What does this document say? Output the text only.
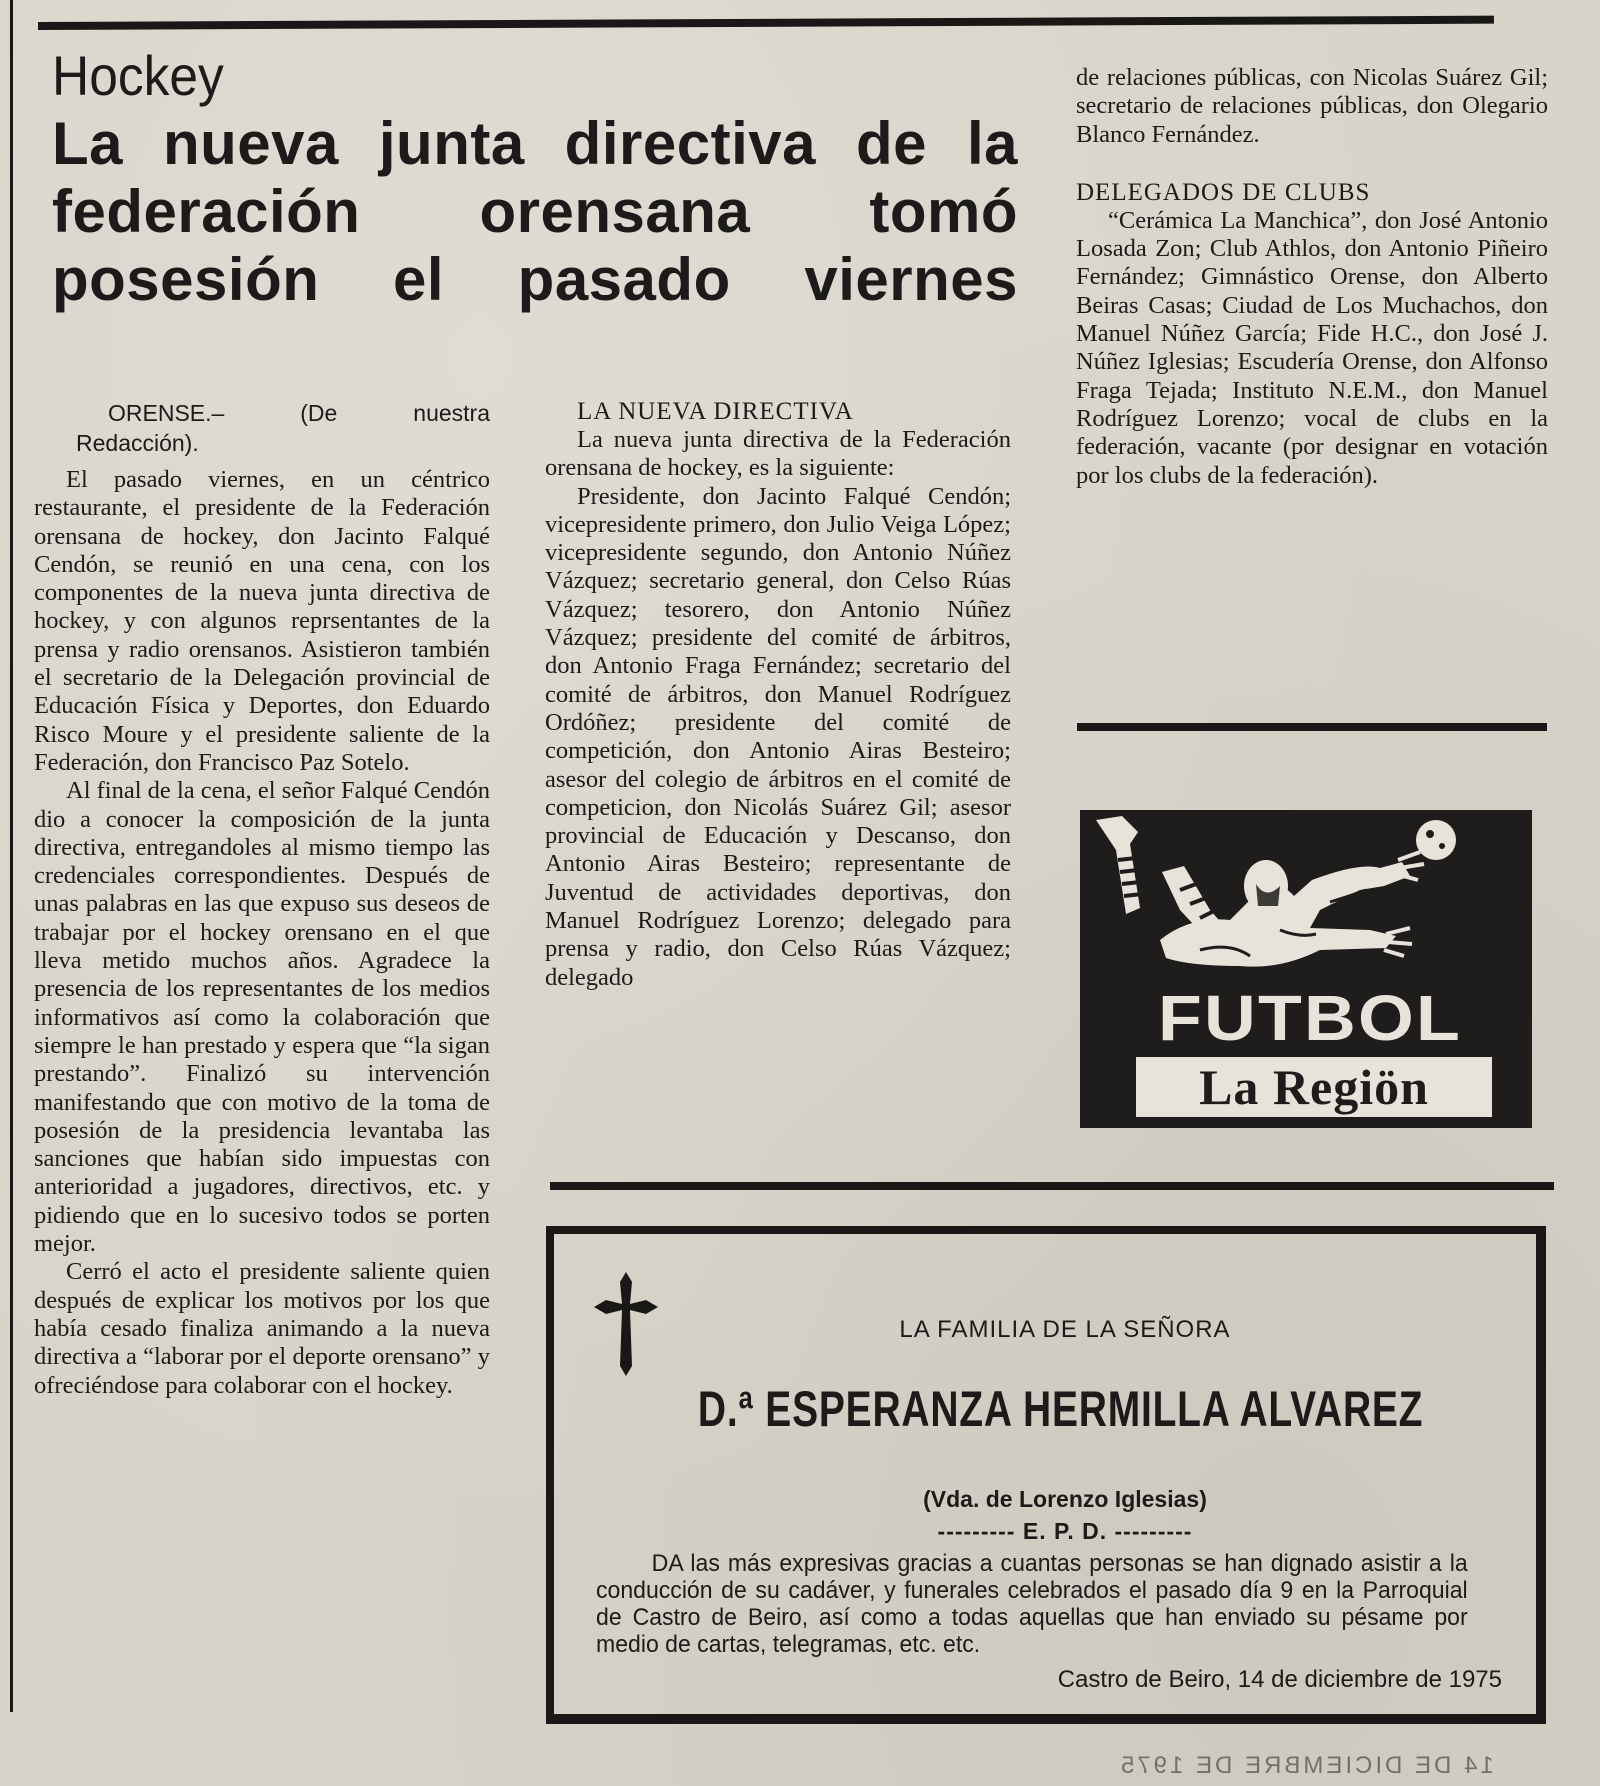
Hockey
La nueva junta directiva de la
federación orensana tomó
posesión el pasado viernes
ORENSE.– (De nuestra
Redacción).

El pasado viernes, en un céntrico restaurante, el presidente de la Federación orensana de hockey, don Jacinto Falqué Cendón, se reunió en una cena, con los componentes de la nueva junta directiva de hockey, y con algunos reprsentantes de la prensa y radio orensanos. Asistieron también el secretario de la Delegación provincial de Educación Física y Deportes, don Eduardo Risco Moure y el presidente saliente de la Federación, don Francisco Paz Sotelo.

Al final de la cena, el señor Falqué Cendón dio a conocer la composición de la junta directiva, entregandoles al mismo tiempo las credenciales correspondientes. Después de unas palabras en las que expuso sus deseos de trabajar por el hockey orensano en el que lleva metido muchos años. Agradece la presencia de los representantes de los medios informativos así como la colaboración que siempre le han prestado y espera que “la sigan prestando”. Finalizó su intervención manifestando que con motivo de la toma de posesión de la presidencia levantaba las sanciones que habían sido impuestas con anterioridad a jugadores, directivos, etc. y pidiendo que en lo sucesivo todos se porten mejor.

Cerró el acto el presidente saliente quien después de explicar los motivos por los que había cesado finaliza animando a la nueva directiva a “laborar por el deporte orensano” y ofreciéndose para colaborar con el hockey.

LA NUEVA DIRECTIVA

La nueva junta directiva de la Federación orensana de hockey, es la siguiente:

Presidente, don Jacinto Falqué Cendón; vicepresidente primero, don Julio Veiga López; vicepresidente segundo, don Antonio Núñez Vázquez; secretario general, don Celso Rúas Vázquez; tesorero, don Antonio Núñez Vázquez; presidente del comité de árbitros, don Antonio Fraga Fernández; secretario del comité de árbitros, don Manuel Rodríguez Ordóñez; presidente del comité de competición, don Antonio Airas Besteiro; asesor del colegio de árbitros en el comité de competicion, don Nicolás Suárez Gil; asesor provincial de Educación y Descanso, don Antonio Airas Besteiro; representante de Juventud de actividades deportivas, don Manuel Rodríguez Lorenzo; delegado para prensa y radio, don Celso Rúas Vázquez; delegado

de relaciones públicas, con Nicolas Suárez Gil; secretario de relaciones públicas, don Olegario Blanco Fernández.

DELEGADOS DE CLUBS

“Cerámica La Manchica”, don José Antonio Losada Zon; Club Athlos, don Antonio Piñeiro Fernández; Gimnástico Orense, don Alberto Beiras Casas; Ciudad de Los Muchachos, don Manuel Núñez García; Fide H.C., don José J. Núñez Iglesias; Escudería Orense, don Alfonso Fraga Tejada; Instituto N.E.M., don Manuel Rodríguez Lorenzo; vocal de clubs en la federación, vacante (por designar en votación por los clubs de la federación).

FUTBOL
La Regiön
LA FAMILIA DE LA SEÑORA
D.ª ESPERANZA HERMILLA ALVAREZ
(Vda. de Lorenzo Iglesias)
--------- E. P. D. ---------

DA las más expresivas gracias a cuantas personas se han dignado asistir a la conducción de su cadáver, y funerales celebrados el pasado día 9 en la Parroquial de Castro de Beiro, así como a todas aquellas que han enviado su pésame por medio de cartas, telegramas, etc. etc.

Castro de Beiro, 14 de diciembre de 1975
14 DE DICIEMBRE DE 1975
